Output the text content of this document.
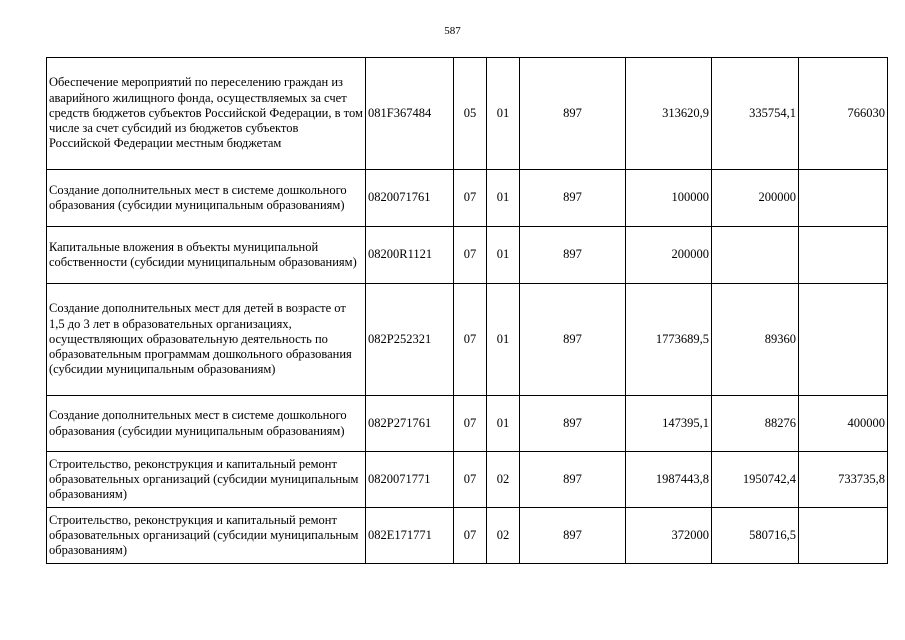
587
Обеспечение мероприятий по переселению граждан из аварийного жилищного фонда, осуществляемых за счет средств бюджетов субъектов Российской Федерации, в том числе за счет субсидий из бюджетов субъектов Российской Федерации местным бюджетам	081F367484	05	01	897	313620,9	335754,1	766030
Создание дополнительных мест в системе дошкольного образования (субсидии муниципальным образованиям)	0820071761	07	01	897	100000	200000	
Капитальные вложения в объекты муниципальной собственности (субсидии муниципальным образованиям)	08200R1121	07	01	897	200000		
Создание дополнительных мест для детей в возрасте от 1,5 до 3 лет в образовательных организациях, осуществляющих образовательную деятельность по образовательным программам дошкольного образования (субсидии муниципальным образованиям)	082P252321	07	01	897	1773689,5	89360	
Создание дополнительных мест в системе дошкольного образования (субсидии муниципальным образованиям)	082P271761	07	01	897	147395,1	88276	400000
Строительство, реконструкция и капитальный ремонт образовательных организаций (субсидии муниципальным образованиям)	0820071771	07	02	897	1987443,8	1950742,4	733735,8
Строительство, реконструкция и капитальный ремонт образовательных организаций (субсидии муниципальным образованиям)	082E171771	07	02	897	372000	580716,5	
